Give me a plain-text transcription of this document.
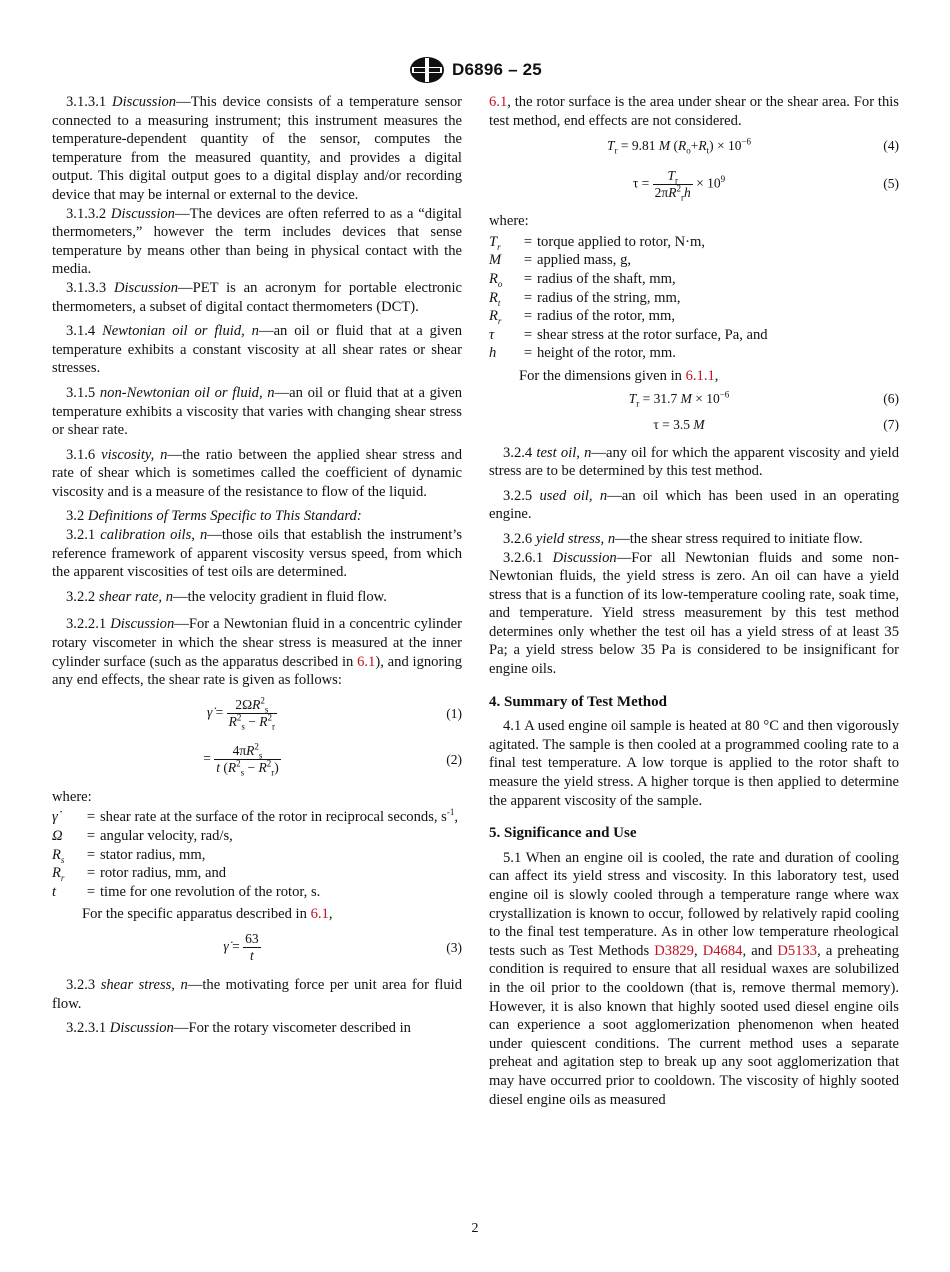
D6896 – 25

3.1.3.1 Discussion—This device consists of a temperature sensor connected to a measuring instrument; this instrument measures the temperature-dependent quantity of the sensor, computes the temperature from the measured quantity, and provides a digital output. This digital output goes to a digital display and/or recording device that may be internal or external to the device.

3.1.3.2 Discussion—The devices are often referred to as a “digital thermometers,” however the term includes devices that sense temperature by means other than being in physical contact with the media.

3.1.3.3 Discussion—PET is an acronym for portable electronic thermometers, a subset of digital contact thermometers (DCT).

3.1.4 Newtonian oil or fluid, n—an oil or fluid that at a given temperature exhibits a constant viscosity at all shear rates or shear stresses.

3.1.5 non-Newtonian oil or fluid, n—an oil or fluid that at a given temperature exhibits a viscosity that varies with changing shear stress or shear rate.

3.1.6 viscosity, n—the ratio between the applied shear stress and rate of shear which is sometimes called the coefficient of dynamic viscosity and is a measure of the resistance to flow of the liquid.

3.2 Definitions of Terms Specific to This Standard:

3.2.1 calibration oils, n—those oils that establish the instrument’s reference framework of apparent viscosity versus speed, from which the apparent viscosities of test oils are determined.

3.2.2 shear rate, n—the velocity gradient in fluid flow.

3.2.2.1 Discussion—For a Newtonian fluid in a concentric cylinder rotary viscometer in which the shear stress is measured at the inner cylinder surface (such as the apparatus described in 6.1), and ignoring any end effects, the shear rate is given as follows:

γ̇ = $\frac{2\Omega R^2_s}{R^2_s - R^2_r}$	(1)
= $\frac{4\pi R^2_s}{t (R^2_s - R^2_r)}$	(2)

where:

γ̇	= shear rate at the surface of the rotor in reciprocal seconds, $s^{-1}$,
Ω	= angular velocity, rad/s,
$R_s$	= stator radius, mm,
$R_r$	= rotor radius, mm, and
t	= time for one revolution of the rotor, s.

For the specific apparatus described in 6.1,

γ̇ = $\frac{63}{t}$	(3)

3.2.3 shear stress, n—the motivating force per unit area for fluid flow.

3.2.3.1 Discussion—For the rotary viscometer described in

6.1, the rotor surface is the area under shear or the shear area. For this test method, end effects are not considered.

$T_r = 9.81$ M $(R_o+R_t) \times 10^{-6}$	(4)
$\tau = \frac{T_r}{2\pi R^2_rh} \times 10^9$	(5)

where:

$T_r$	= torque applied to rotor, N·m,
M	= applied mass, g,
$R_o$	= radius of the shaft, mm,
$R_t$	= radius of the string, mm,
$R_r$	= radius of the rotor, mm,
τ	= shear stress at the rotor surface, Pa, and
h	= height of the rotor, mm.

For the dimensions given in 6.1.1,

$T_r = 31.7$ $M \times 10^{-6}$	(6)
τ = 3.5 M	(7)

3.2.4 test oil, n—any oil for which the apparent viscosity and yield stress are to be determined by this test method.

3.2.5 used oil, n—an oil which has been used in an operating engine.

3.2.6 yield stress, n—the shear stress required to initiate flow.

3.2.6.1 Discussion—For all Newtonian fluids and some non-Newtonian fluids, the yield stress is zero. An oil can have a yield stress that is a function of its low-temperature cooling rate, soak time, and temperature. Yield stress measurement by this test method determines only whether the test oil has a yield stress of at least 35 Pa; a yield stress below 35 Pa is considered to be insignificant for engine oils.

4. Summary of Test Method

4.1 A used engine oil sample is heated at 80 °C and then vigorously agitated. The sample is then cooled at a programmed cooling rate to a final test temperature. A low torque is applied to the rotor shaft to measure the yield stress. A higher torque is then applied to determine the apparent viscosity of the sample.

5. Significance and Use

5.1 When an engine oil is cooled, the rate and duration of cooling can affect its yield stress and viscosity. In this laboratory test, used engine oil is slowly cooled through a temperature range where wax crystallization is known to occur, followed by relatively rapid cooling to the final test temperature. As in other low temperature rheological tests such as Test Methods D3829, D4684, and D5133, a preheating condition is required to ensure that all residual waxes are solubilized in the oil prior to the cooldown (that is, remove thermal memory). However, it is also known that highly sooted used diesel engine oils can experience a soot agglomerization phenomenon when heated under quiescent conditions. The current method uses a separate preheat and agitation step to break up any soot agglomerization that may have occurred prior to cooldown. The viscosity of highly sooted diesel engine oils as measured

2
